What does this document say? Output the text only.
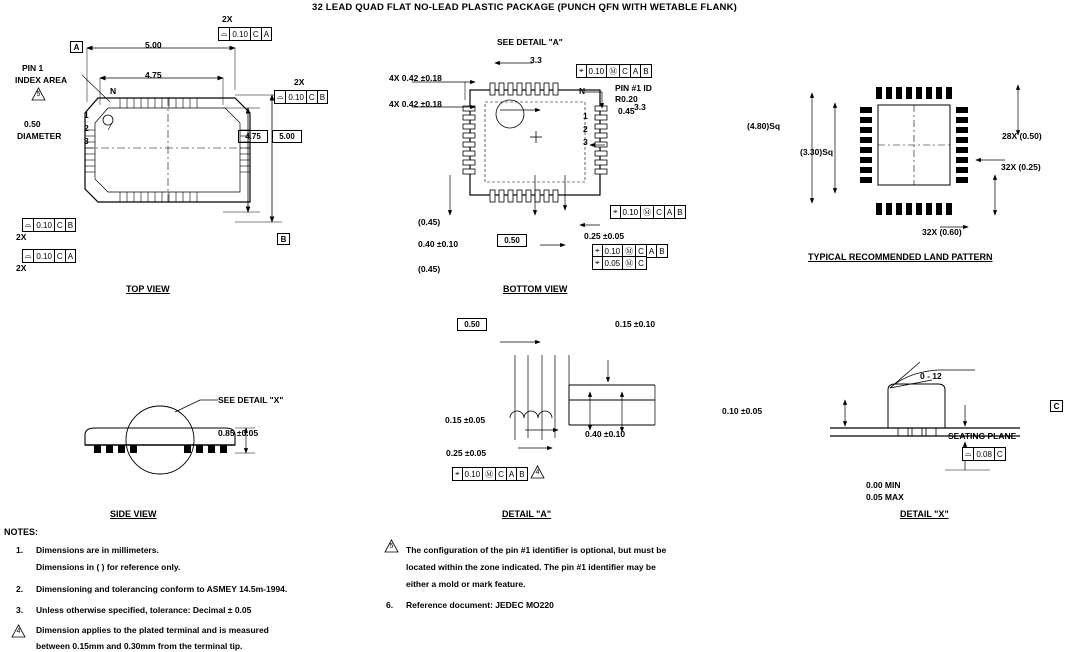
32 LEAD QUAD FLAT NO-LEAD PLASTIC PACKAGE (PUNCH QFN WITH WETABLE FLANK)
PIN 1
INDEX AREA
5
0.50
DIAMETER
A
B
N
1
2
3
5.00
4.75
4.75	5.00
2X
⌓ 0.10 C A
2X
⌓ 0.10 C B
⌓ 0.10 C B
2X
⌓ 0.10 C A
2X
TOP VIEW
SEE DETAIL "A"
3.3
3.3
4X 0.42 ±0.18
4X 0.42 ±0.18
PIN #1 ID
R0.20
0.45
N
1
2
3
(0.45)
0.40 ±0.10
(0.45)
0.50	0.25 ±0.05
⌖ 0.10 Ⓜ C A B
⌖ 0.10 Ⓜ C A B
⌖ 0.10 Ⓜ C A B
⌖ 0.05 Ⓜ C
BOTTOM VIEW
(4.80)Sq
(3.30)Sq
28X (0.50)
32X (0.25)
32X (0.60)
TYPICAL RECOMMENDED LAND PATTERN
SEE DETAIL "X"
0.85 ±0.05
SIDE VIEW
0.50	0.15 ±0.10
0.15 ±0.05
0.40 ±0.10
0.25 ±0.05
⌖ 0.10 Ⓜ C A B	4
DETAIL "A"
0 - 12
0.10 ±0.05
SEATING PLANE
C
⌓ 0.08 C
0.00 MIN
0.05 MAX
DETAIL "X"
NOTES:
1. Dimensions are in millimeters.
Dimensions in ( ) for reference only.
2. Dimensioning and tolerancing conform to ASMEY 14.5m-1994.
3. Unless otherwise specified, tolerance: Decimal ± 0.05
4	Dimension applies to the plated terminal and is measured
between 0.15mm and 0.30mm from the terminal tip.
5	The configuration of the pin #1 identifier is optional, but must be
located within the zone indicated. The pin #1 identifier may be
either a mold or mark feature.
6. Reference document: JEDEC MO220
